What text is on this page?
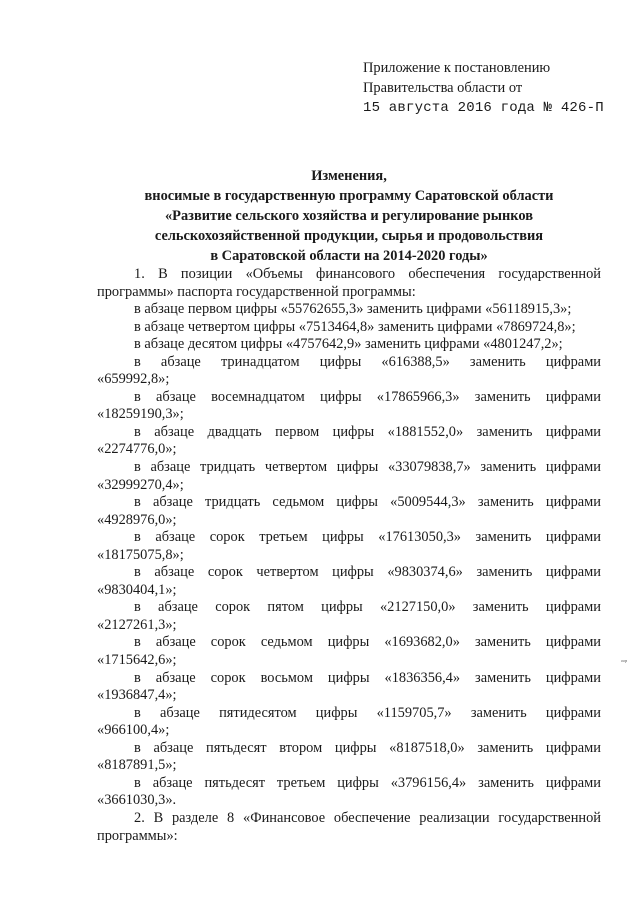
Приложение к постановлению
Правительства области от
15 августа 2016 года № 426-П
Изменения,
вносимые в государственную программу Саратовской области
«Развитие сельского хозяйства и регулирование рынков
сельскохозяйственной продукции, сырья и продовольствия
в Саратовской области на 2014-2020 годы»

1. В позиции «Объемы финансового обеспечения государственной

программы» паспорта государственной программы:

в абзаце первом цифры «55762655,3» заменить цифрами «56118915,3»;

в абзаце четвертом цифры «7513464,8» заменить цифрами «7869724,8»;

в абзаце десятом цифры «4757642,9» заменить цифрами «4801247,2»;

в абзаце тринадцатом цифры «616388,5» заменить цифрами

«659992,8»;

в абзаце восемнадцатом цифры «17865966,3» заменить цифрами

«18259190,3»;

в абзаце двадцать первом цифры «1881552,0» заменить цифрами

«2274776,0»;

в абзаце тридцать четвертом цифры «33079838,7» заменить цифрами

«32999270,4»;

в абзаце тридцать седьмом цифры «5009544,3» заменить цифрами

«4928976,0»;

в абзаце сорок третьем цифры «17613050,3» заменить цифрами

«18175075,8»;

в абзаце сорок четвертом цифры «9830374,6» заменить цифрами

«9830404,1»;

в абзаце сорок пятом цифры «2127150,0» заменить цифрами

«2127261,3»;

в абзаце сорок седьмом цифры «1693682,0» заменить цифрами

«1715642,6»;

в абзаце сорок восьмом цифры «1836356,4» заменить цифрами

«1936847,4»;

в абзаце пятидесятом цифры «1159705,7» заменить цифрами

«966100,4»;

в абзаце пятьдесят втором цифры «8187518,0» заменить цифрами

«8187891,5»;

в абзаце пятьдесят третьем цифры «3796156,4» заменить цифрами

«3661030,3».

2. В разделе 8 «Финансовое обеспечение реализации государственной

программы»:

ᵒᵒᵖ
